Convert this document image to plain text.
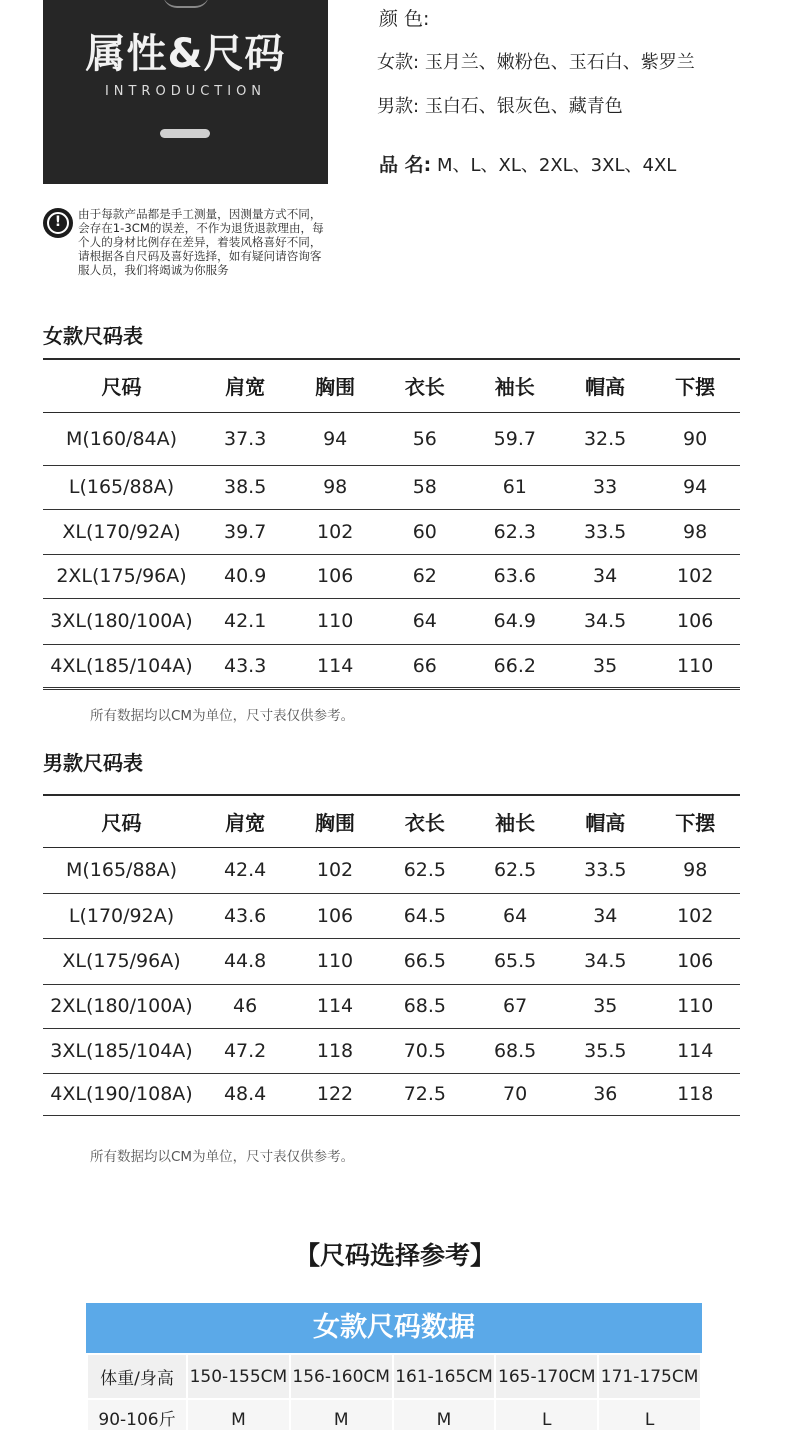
属性&尺码
INTRODUCTION
颜 色:
女款: 玉月兰、嫩粉色、玉石白、紫罗兰
男款: 玉白石、银灰色、藏青色
品 名: M、L、XL、2XL、3XL、4XL
!	由于每款产品都是手工测量，因测量方式不同，会存在1-3CM的误差，不作为退货退款理由，每个人的身材比例存在差异，着装风格喜好不同，请根据各自尺码及喜好选择，如有疑问请咨询客服人员，我们将竭诚为你服务
女款尺码表
尺码	肩宽	胸围	衣长	袖长	帽高	下摆
M(160/84A)	37.3	94	56	59.7	32.5	90
L(165/88A)	38.5	98	58	61	33	94
XL(170/92A)	39.7	102	60	62.3	33.5	98
2XL(175/96A)	40.9	106	62	63.6	34	102
3XL(180/100A)	42.1	110	64	64.9	34.5	106
4XL(185/104A)	43.3	114	66	66.2	35	110
所有数据均以CM为单位，尺寸表仅供参考。
男款尺码表
尺码	肩宽	胸围	衣长	袖长	帽高	下摆
M(165/88A)	42.4	102	62.5	62.5	33.5	98
L(170/92A)	43.6	106	64.5	64	34	102
XL(175/96A)	44.8	110	66.5	65.5	34.5	106
2XL(180/100A)	46	114	68.5	67	35	110
3XL(185/104A)	47.2	118	70.5	68.5	35.5	114
4XL(190/108A)	48.4	122	72.5	70	36	118
所有数据均以CM为单位，尺寸表仅供参考。
【尺码选择参考】
女款尺码数据
体重/身高	150-155CM	156-160CM	161-165CM	165-170CM	171-175CM
90-106斤	M	M	M	L	L
